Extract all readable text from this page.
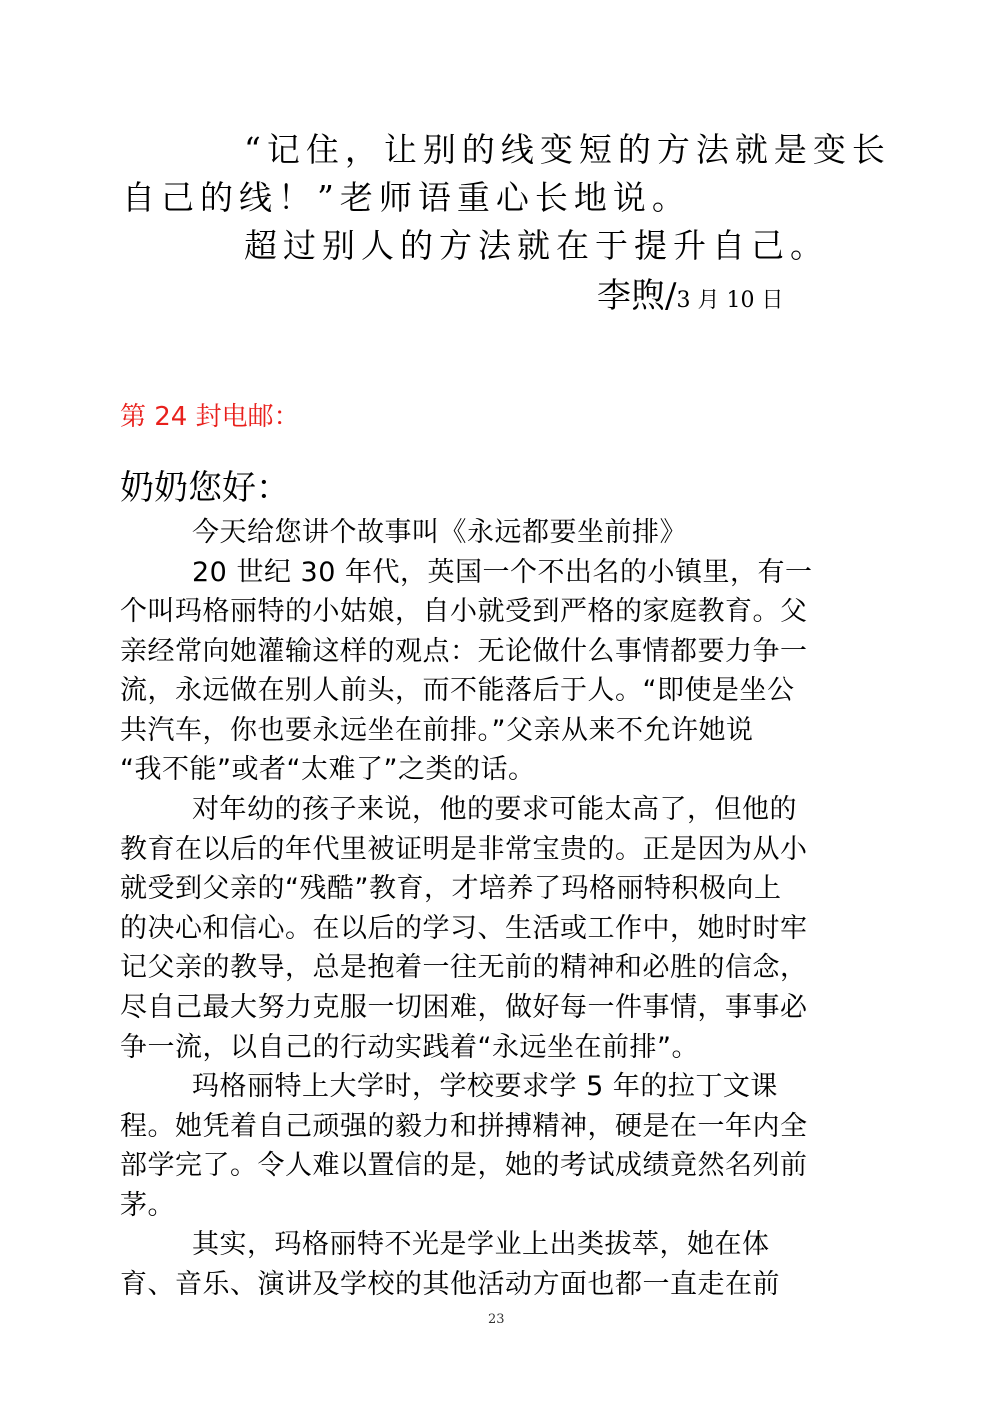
“记住，让别的线变短的方法就是变长
自己的线！”老师语重心长地说。
超过别人的方法就在于提升自己。
李煦/3 月 10 日
第 24 封电邮：
奶奶您好：
今天给您讲个故事叫《永远都要坐前排》
20 世纪 30 年代，英国一个不出名的小镇里，有一
个叫玛格丽特的小姑娘，自小就受到严格的家庭教育。父
亲经常向她灌输这样的观点：无论做什么事情都要力争一
流，永远做在别人前头，而不能落后于人。“即使是坐公
共汽车，你也要永远坐在前排。”父亲从来不允许她说
“我不能”或者“太难了”之类的话。
对年幼的孩子来说，他的要求可能太高了，但他的
教育在以后的年代里被证明是非常宝贵的。正是因为从小
就受到父亲的“残酷”教育，才培养了玛格丽特积极向上
的决心和信心。在以后的学习、生活或工作中，她时时牢
记父亲的教导，总是抱着一往无前的精神和必胜的信念，
尽自己最大努力克服一切困难，做好每一件事情，事事必
争一流，以自己的行动实践着“永远坐在前排”。
玛格丽特上大学时，学校要求学 5 年的拉丁文课
程。她凭着自己顽强的毅力和拼搏精神，硬是在一年内全
部学完了。令人难以置信的是，她的考试成绩竟然名列前
茅。
其实，玛格丽特不光是学业上出类拔萃，她在体
23
育、音乐、演讲及学校的其他活动方面也都一直走在前
